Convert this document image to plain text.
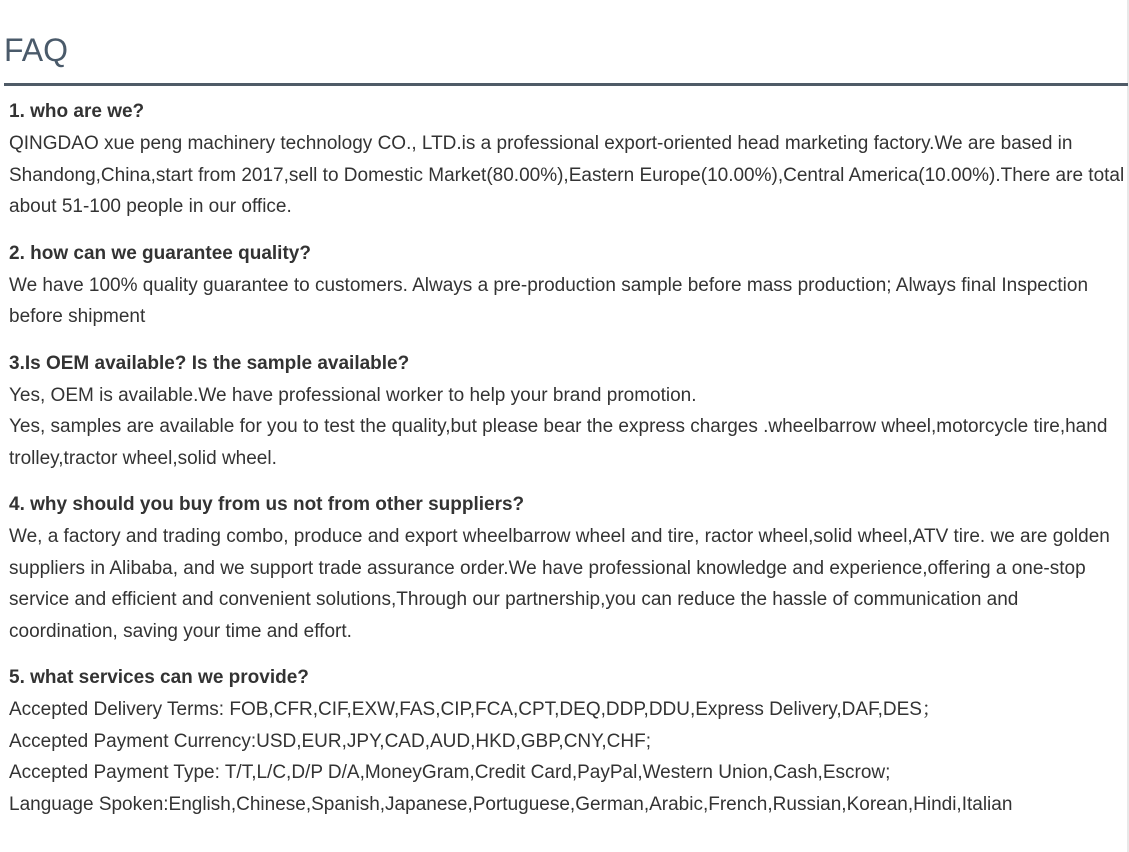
FAQ

1. who are we?

QINGDAO xue peng machinery technology CO., LTD.is a professional export-oriented head marketing factory.We are based in Shandong,China,start from 2017,sell to Domestic Market(80.00%),Eastern Europe(10.00%),Central America(10.00%).There are total about 51-100 people in our office.

2. how can we guarantee quality?

We have 100% quality guarantee to customers. Always a pre-production sample before mass production; Always final Inspection before shipment

3.Is OEM available? Is the sample available?

Yes, OEM is available.We have professional worker to help your brand promotion.

Yes, samples are available for you to test the quality,but please bear the express charges .wheelbarrow wheel,motorcycle tire,hand trolley,tractor wheel,solid wheel.

4. why should you buy from us not from other suppliers?

We, a factory and trading combo, produce and export wheelbarrow wheel and tire, ractor wheel,solid wheel,ATV tire. we are golden suppliers in Alibaba, and we support trade assurance order.We have professional knowledge and experience,offering a one-stop service and efficient and convenient solutions,Through our partnership,you can reduce the hassle of communication and coordination, saving your time and effort.

5. what services can we provide?

Accepted Delivery Terms: FOB,CFR,CIF,EXW,FAS,CIP,FCA,CPT,DEQ,DDP,DDU,Express Delivery,DAF,DES；

Accepted Payment Currency:USD,EUR,JPY,CAD,AUD,HKD,GBP,CNY,CHF;

Accepted Payment Type: T/T,L/C,D/P D/A,MoneyGram,Credit Card,PayPal,Western Union,Cash,Escrow;

Language Spoken:English,Chinese,Spanish,Japanese,Portuguese,German,Arabic,French,Russian,Korean,Hindi,Italian
